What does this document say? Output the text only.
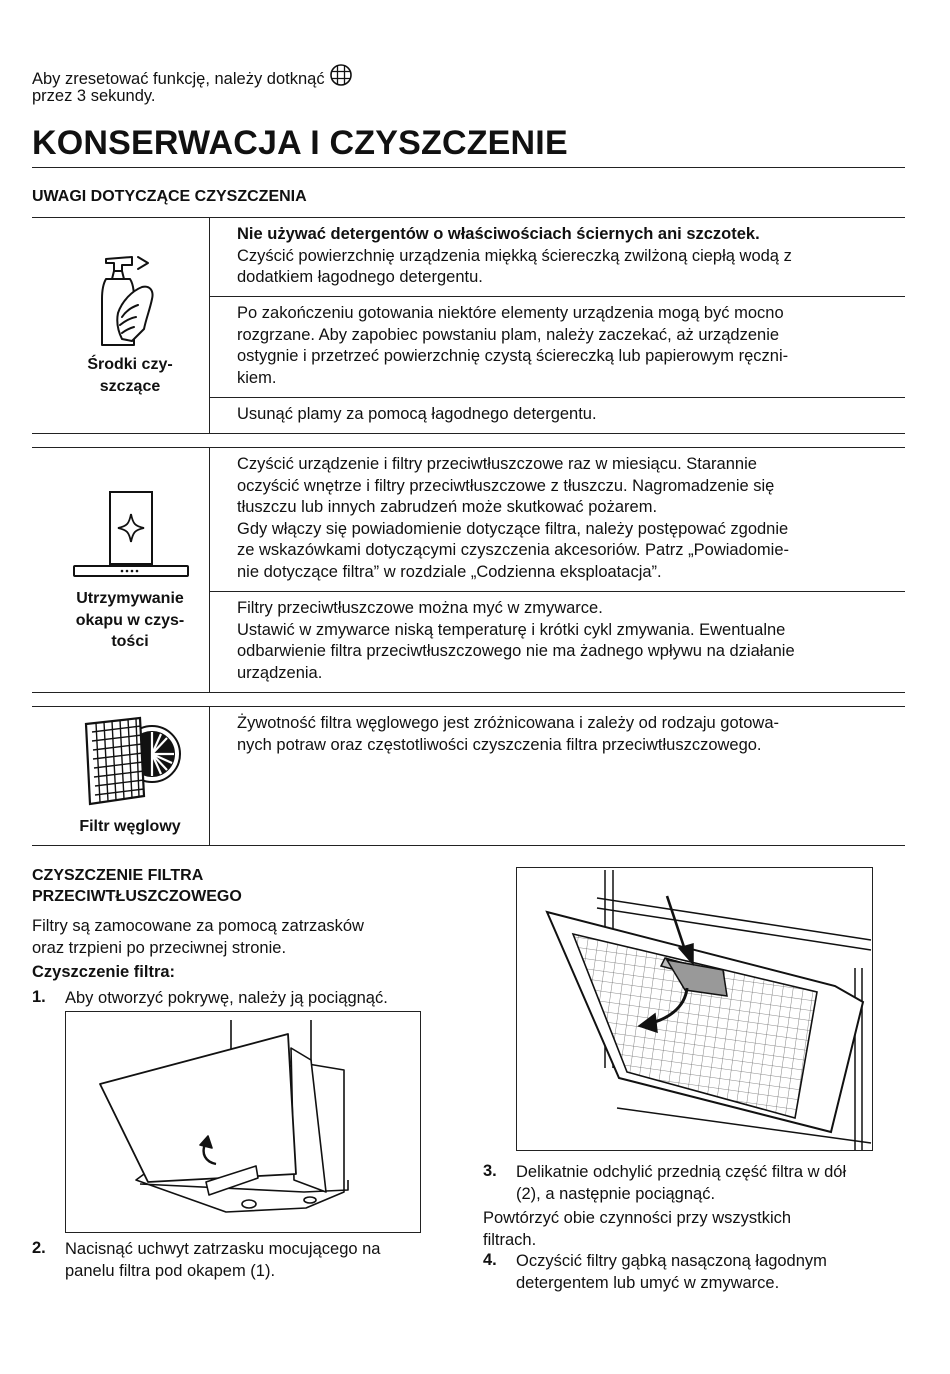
Aby zresetować funkcję, należy dotknąć
przez 3 sekundy.
KONSERWACJA I CZYSZCZENIE
UWAGI DOTYCZĄCE CZYSZCZENIA
Środki czy-
szczące
Nie używać detergentów o właściwościach ściernych ani szczotek.
Czyścić powierzchnię urządzenia miękką ściereczką zwilżoną ciepłą wodą z
dodatkiem łagodnego detergentu.
Po zakończeniu gotowania niektóre elementy urządzenia mogą być mocno
rozgrzane. Aby zapobiec powstaniu plam, należy zaczekać, aż urządzenie
ostygnie i przetrzeć powierzchnię czystą ściereczką lub papierowym ręczni-
kiem.
Usunąć plamy za pomocą łagodnego detergentu.
Utrzymywanie
okapu w czys-
tości
Czyścić urządzenie i filtry przeciwtłuszczowe raz w miesiącu. Starannie
oczyścić wnętrze i filtry przeciwtłuszczowe z tłuszczu. Nagromadzenie się
tłuszczu lub innych zabrudzeń może skutkować pożarem.
Gdy włączy się powiadomienie dotyczące filtra, należy postępować zgodnie
ze wskazówkami dotyczącymi czyszczenia akcesoriów. Patrz „Powiadomie-
nie dotyczące filtra” w rozdziale „Codzienna eksploatacja”.
Filtry przeciwtłuszczowe można myć w zmywarce.
Ustawić w zmywarce niską temperaturę i krótki cykl zmywania. Ewentualne
odbarwienie filtra przeciwtłuszczowego nie ma żadnego wpływu na działanie
urządzenia.
Filtr węglowy
Żywotność filtra węglowego jest zróżnicowana i zależy od rodzaju gotowa-
nych potraw oraz częstotliwości czyszczenia filtra przeciwtłuszczowego.
CZYSZCZENIE FILTRA
PRZECIWTŁUSZCZOWEGO
Filtry są zamocowane za pomocą zatrzasków
oraz trzpieni po przeciwnej stronie.
Czyszczenie filtra:
1. Aby otworzyć pokrywę, należy ją pociągnąć.
2. Nacisnąć uchwyt zatrzasku mocującego na
panelu filtra pod okapem (1).
3. Delikatnie odchylić przednią część filtra w dół
(2), a następnie pociągnąć.
Powtórzyć obie czynności przy wszystkich
filtrach.
4. Oczyścić filtry gąbką nasączoną łagodnym
detergentem lub umyć w zmywarce.
